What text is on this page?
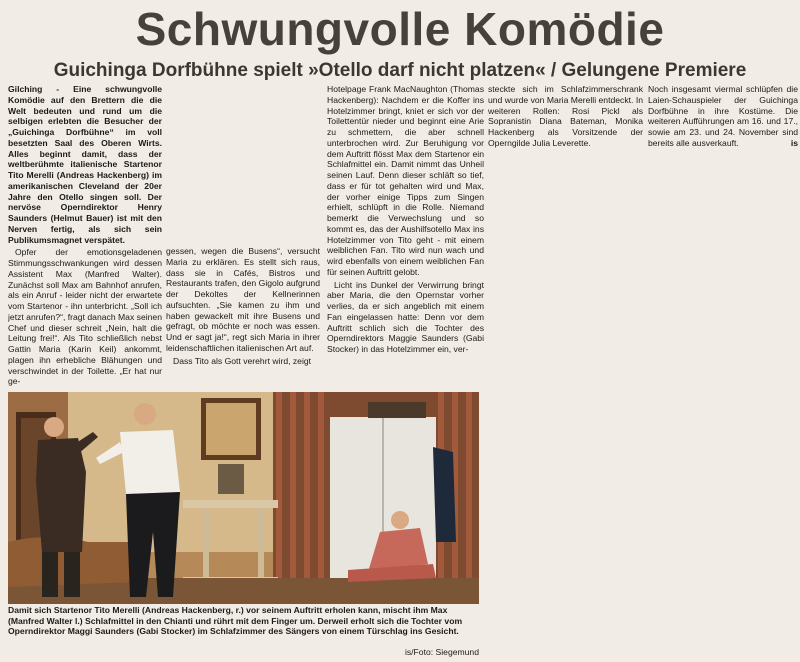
Schwungvolle Komödie
Guichinga Dorfbühne spielt »Otello darf nicht platzen« / Gelungene Premiere

Gilching - Eine schwungvolle Komödie auf den Brettern die die Welt bedeuten und rund um die selbigen erlebten die Besucher der „Guichinga Dorfbühne“ im voll besetzten Saal des Oberen Wirts. Alles beginnt damit, dass der weltberühmte italienische Startenor Tito Merelli (Andreas Hackenberg) im amerikanischen Cleveland der 20er Jahre den Otello singen soll. Der nervöse Operndirektor Henry Saunders (Helmut Bauer) ist mit den Nerven fertig, als sich sein Publikumsmagnet verspätet.

Opfer der emotionsgeladenen Stimmungsschwankungen wird dessen Assistent Max (Manfred Walter). Zunächst soll Max am Bahnhof anrufen, als ein Anruf - leider nicht der erwartete vom Startenor - ihn unterbricht. „Soll ich jetzt anrufen?“, fragt danach Max seinen Chef und dieser schreit „Nein, halt die Leitung frei!“. Als Tito schließlich nebst Gattin Maria (Karin Keil) ankommt, plagen ihn erhebliche Blähungen und verschwindet in der Toilette. „Er hat nur ge-

gessen, wegen die Busens“, versucht Maria zu erklären. Es stellt sich raus, dass sie in Cafés, Bistros und Restaurants trafen, den Gigolo aufgrund der Dekoltes der Kellnerinnen aufsuchten. „Sie kamen zu ihm und haben gewackelt mit ihre Busens und gefragt, ob möchte er noch was essen. Und er sagt ja!“, regt sich Maria in ihrer leidenschaftlichen italienischen Art auf.

Dass Tito als Gott verehrt wird, zeigt

Hotelpage Frank MacNaughton (Thomas Hackenberg): Nachdem er die Koffer ins Hotelzimmer bringt, kniet er sich vor der Toilettentür nieder und beginnt eine Arie zu schmettern, die aber schnell unterbrochen wird. Zur Beruhigung vor dem Auftritt flösst Max dem Startenor ein Schlafmittel ein. Damit nimmt das Unheil seinen Lauf. Denn dieser schläft so tief, dass er für tot gehalten wird und Max, der vorher einige Tipps zum Singen erhielt, schlüpft in die Rolle. Niemand bemerkt die Verwechslung und so kommt es, das der Aushilfsotello Max ins Hotelzimmer von Tito geht - mit einem weiblichen Fan. Tito wird nun wach und wird ebenfalls von einem weiblichen Fan für seinen Auftritt gelobt.

Licht ins Dunkel der Verwirrung bringt aber Maria, die den Opernstar vorher verlies, da er sich angeblich mit einem Fan eingelassen hatte: Denn vor dem Auftritt schlich sich die Tochter des Operndirektors Maggie Saunders (Gabi Stocker) in das Hotelzimmer ein, ver-

steckte sich im Schlafzimmerschrank und wurde von Maria Merelli entdeckt. In weiteren Rollen: Rosi Pickl als Sopranistin Diana Bateman, Monika Hackenberg als Vorsitzende der Operngilde Julia Leverette.

Noch insgesamt viermal schlüpfen die Laien-Schauspieler der Guichinga Dorfbühne in ihre Kostüme. Die weiteren Aufführungen am 16. und 17., sowie am 23. und 24. November sind bereits alle ausverkauft.	is

Damit sich Startenor Tito Merelli (Andreas Hackenberg, r.) vor seinem Auftritt erholen kann, mischt ihm Max (Manfred Walter l.) Schlafmittel in den Chianti und rührt mit dem Finger um. Derweil erholt sich die Tochter vom Operndirektor Maggi Saunders (Gabi Stocker) im Schlafzimmer des Sängers von einem Türschlag ins Gesicht.

is/Foto: Siegemund
